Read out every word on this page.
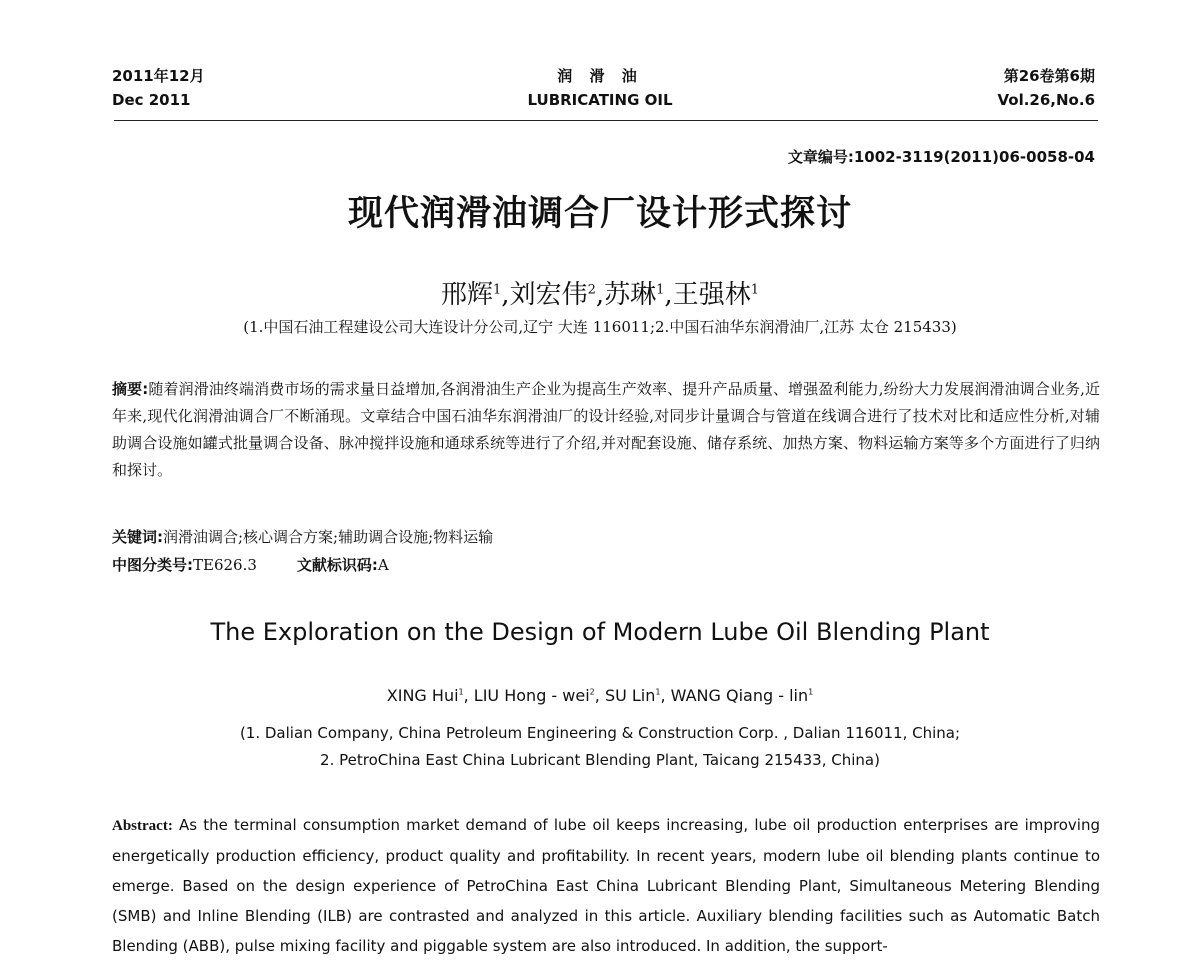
2011年12月
Dec 2011
润 滑 油
LUBRICATING OIL
第26卷第6期
Vol.26,No.6
文章编号:1002-3119(2011)06-0058-04
现代润滑油调合厂设计形式探讨
邢辉$^1$,刘宏伟$^2$,苏琳$^1$,王强林$^1$
(1.中国石油工程建设公司大连设计分公司,辽宁 大连 116011;2.中国石油华东润滑油厂,江苏 太仓 215433)
摘要:随着润滑油终端消费市场的需求量日益增加,各润滑油生产企业为提高生产效率、提升产品质量、增强盈利能力,纷纷大力发展润滑油调合业务,近年来,现代化润滑油调合厂不断涌现。文章结合中国石油华东润滑油厂的设计经验,对同步计量调合与管道在线调合进行了技术对比和适应性分析,对辅助调合设施如罐式批量调合设备、脉冲搅拌设施和通球系统等进行了介绍,并对配套设施、储存系统、加热方案、物料运输方案等多个方面进行了归纳和探讨。
关键词:润滑油调合;核心调合方案;辅助调合设施;物料运输
中图分类号:TE626.3	文献标识码:A
The Exploration on the Design of Modern Lube Oil Blending Plant
XING Hui$^1$, LIU Hong - wei$^2$, SU Lin$^1$, WANG Qiang - lin$^1$
(1. Dalian Company, China Petroleum Engineering & Construction Corp. , Dalian 116011, China;
2. PetroChina East China Lubricant Blending Plant, Taicang 215433, China)
Abstract: As the terminal consumption market demand of lube oil keeps increasing, lube oil production enterprises are improving energetically production efficiency, product quality and profitability. In recent years, modern lube oil blending plants continue to emerge. Based on the design experience of PetroChina East China Lubricant Blending Plant, Simultaneous Metering Blending (SMB) and Inline Blending (ILB) are contrasted and analyzed in this article. Auxiliary blending facilities such as Automatic Batch Blending (ABB), pulse mixing facility and piggable system are also introduced. In addition, the support-
